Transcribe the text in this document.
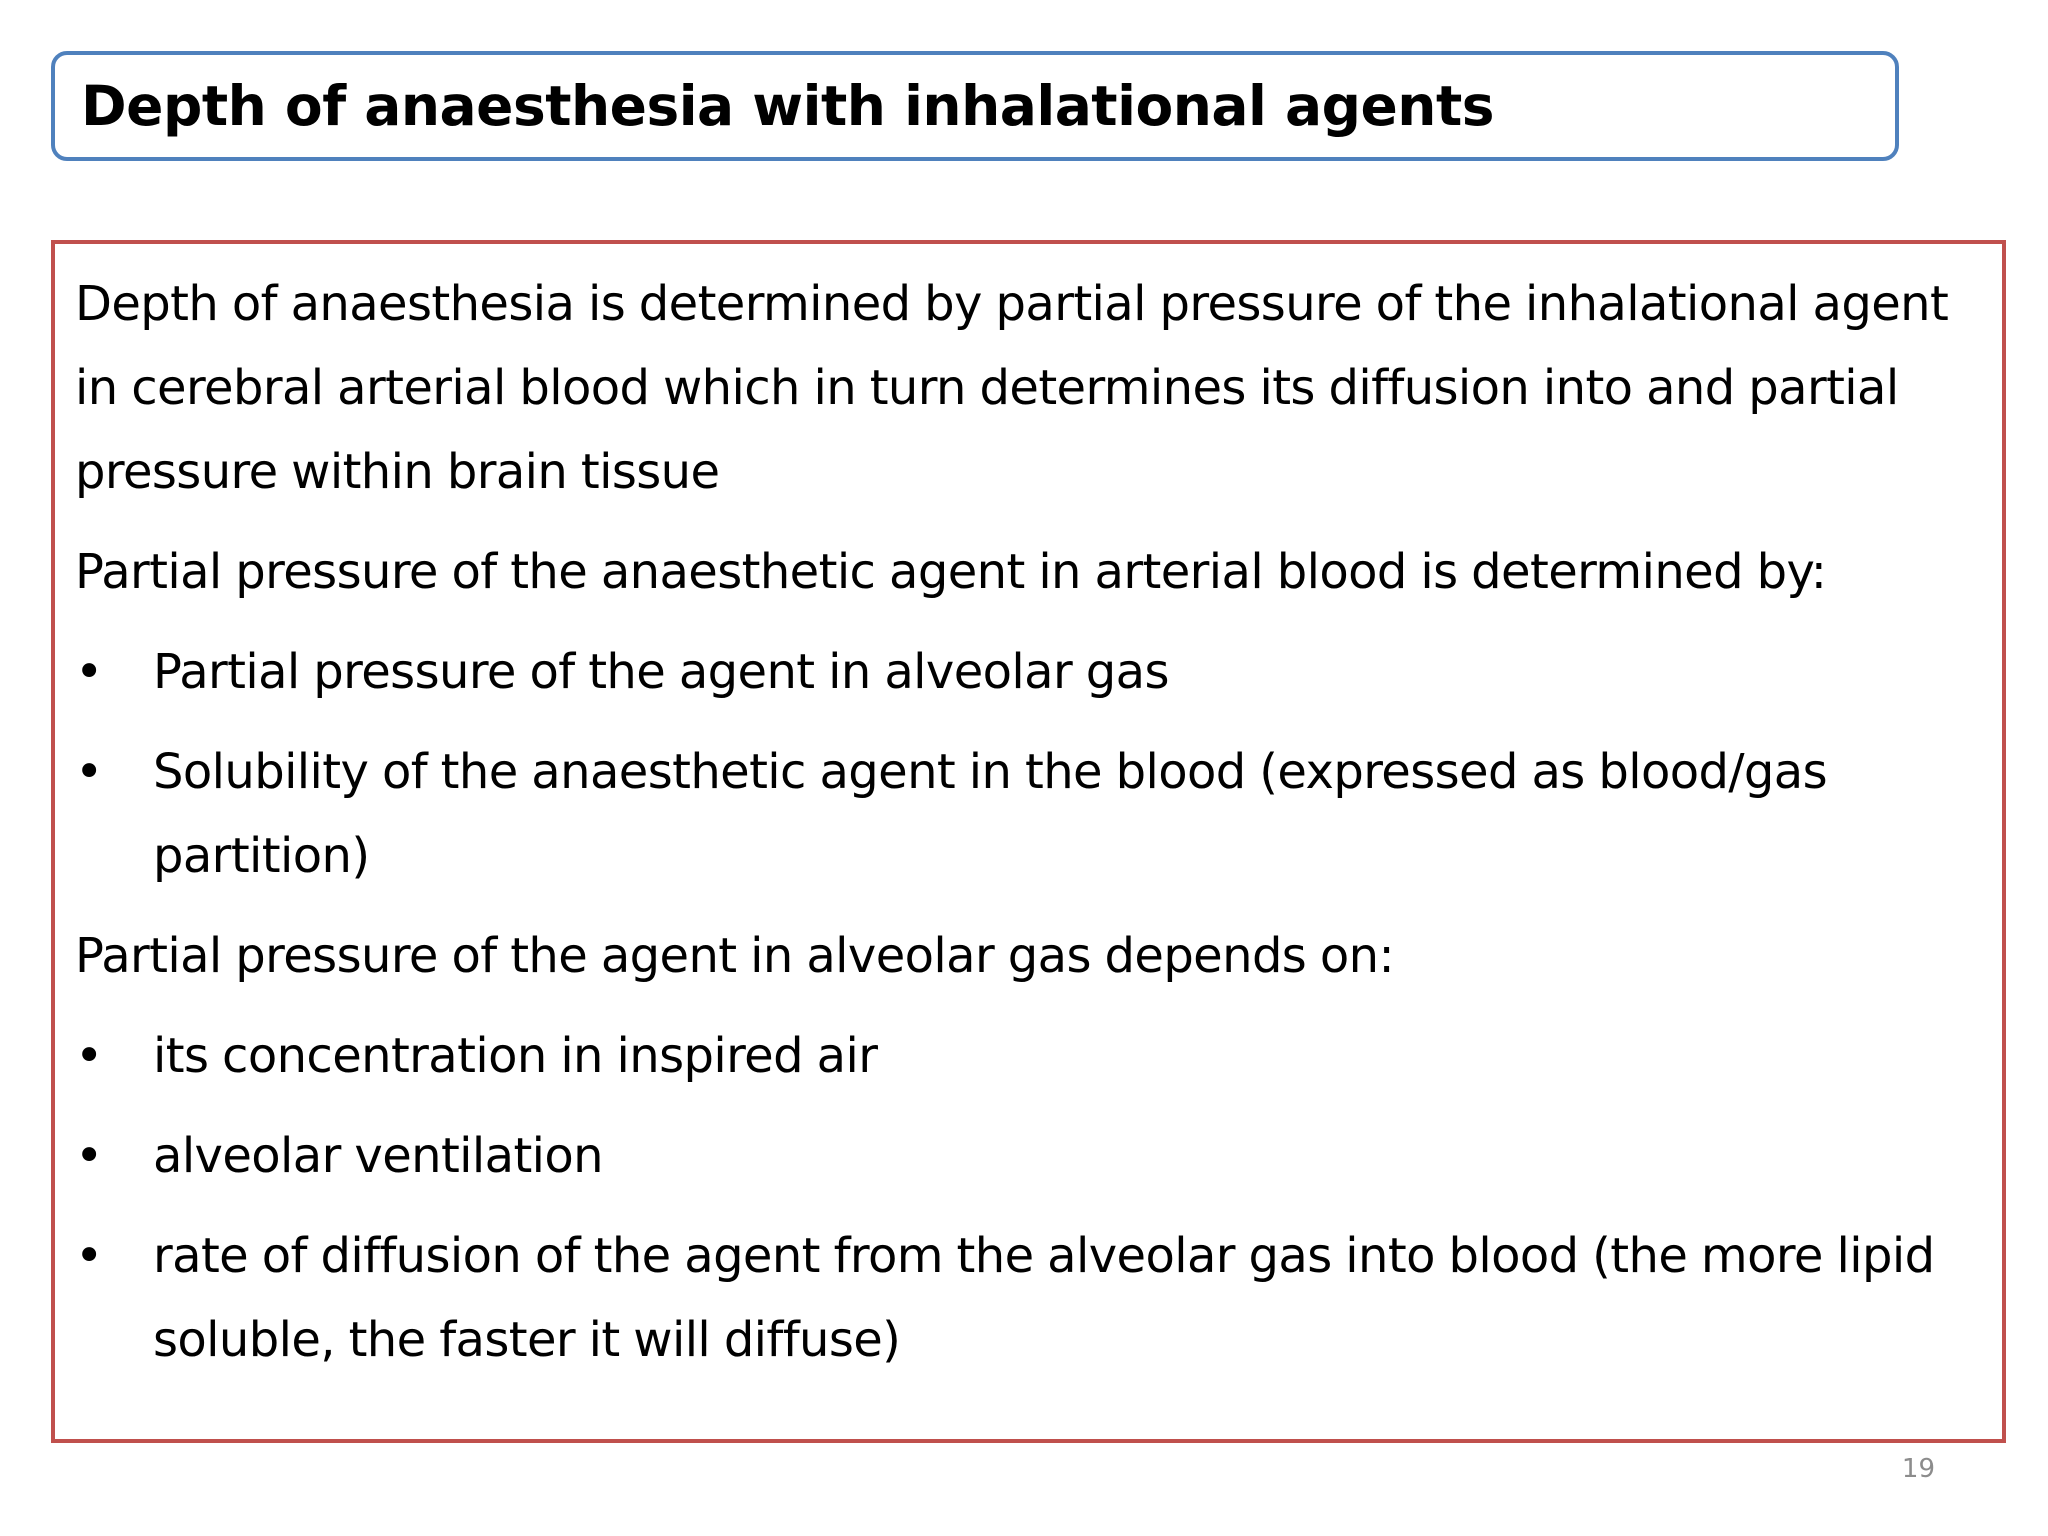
Depth of anaesthesia with inhalational agents

Depth of anaesthesia is determined by partial pressure of the inhalational agent in cerebral arterial blood which in turn determines its diffusion into and partial pressure within brain tissue

Partial pressure of the anaesthetic agent in arterial blood is determined by:

• Partial pressure of the agent in alveolar gas
• Solubility of the anaesthetic agent in the blood (expressed as blood/gas partition)

Partial pressure of the agent in alveolar gas depends on:

• its concentration in inspired air
• alveolar ventilation
• rate of diffusion of the agent from the alveolar gas into blood (the more lipid soluble, the faster it will diffuse)
19
